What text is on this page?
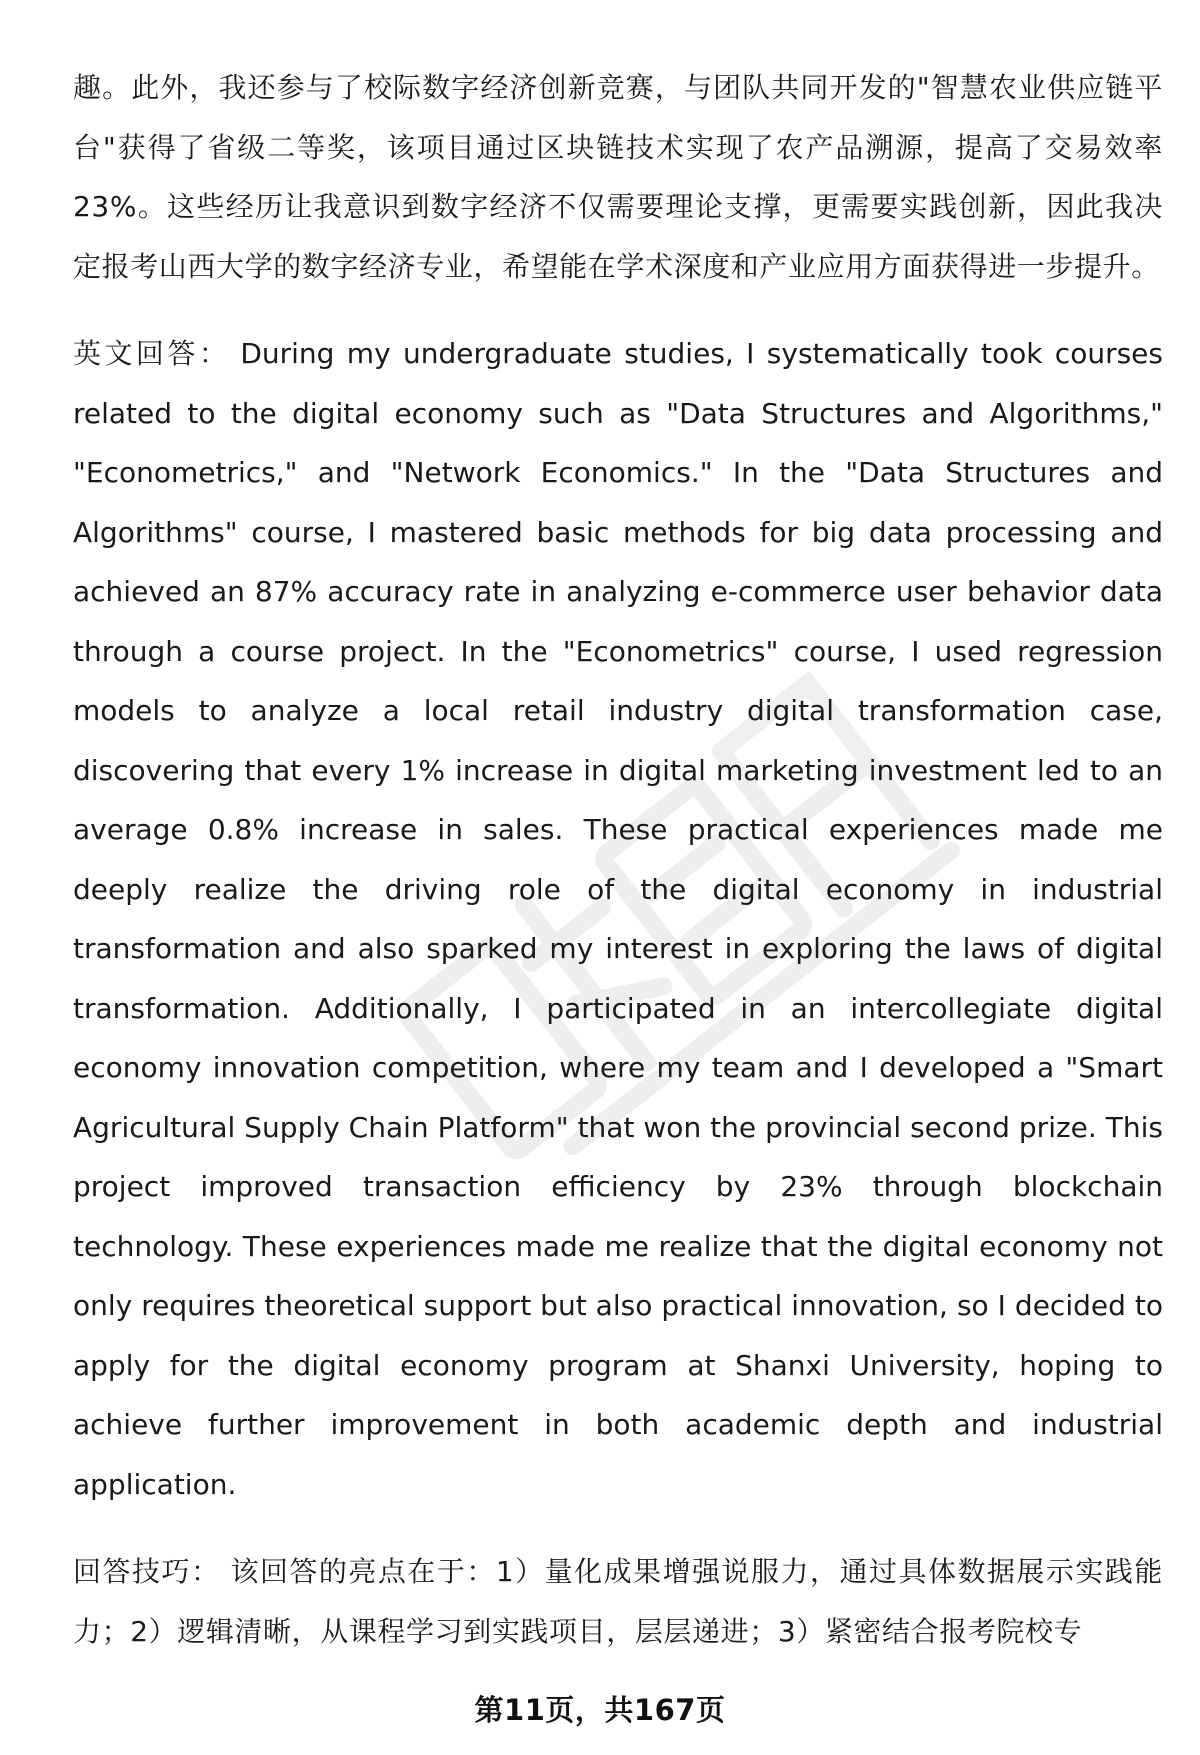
趣。此外，我还参与了校际数字经济创新竞赛，与团队共同开发的"智慧农业供应链平台"获得了省级二等奖，该项目通过区块链技术实现了农产品溯源，提高了交易效率23%。这些经历让我意识到数字经济不仅需要理论支撑，更需要实践创新，因此我决定报考山西大学的数字经济专业，希望能在学术深度和产业应用方面获得进一步提升。

英文回答： During my undergraduate studies, I systematically took courses related to the digital economy such as "Data Structures and Algorithms," "Econometrics," and "Network Economics." In the "Data Structures and Algorithms" course, I mastered basic methods for big data processing and achieved an 87% accuracy rate in analyzing e-commerce user behavior data through a course project. In the "Econometrics" course, I used regression models to analyze a local retail industry digital transformation case, discovering that every 1% increase in digital marketing investment led to an average 0.8% increase in sales. These practical experiences made me deeply realize the driving role of the digital economy in industrial transformation and also sparked my interest in exploring the laws of digital transformation. Additionally, I participated in an intercollegiate digital economy innovation competition, where my team and I developed a "Smart Agricultural Supply Chain Platform" that won the provincial second prize. This project improved transaction efficiency by 23% through blockchain technology. These experiences made me realize that the digital economy not only requires theoretical support but also practical innovation, so I decided to apply for the digital economy program at Shanxi University, hoping to achieve further improvement in both academic depth and industrial application.

回答技巧： 该回答的亮点在于：1）量化成果增强说服力，通过具体数据展示实践能力；2）逻辑清晰，从课程学习到实践项目，层层递进；3）紧密结合报考院校专

第11页，共167页
